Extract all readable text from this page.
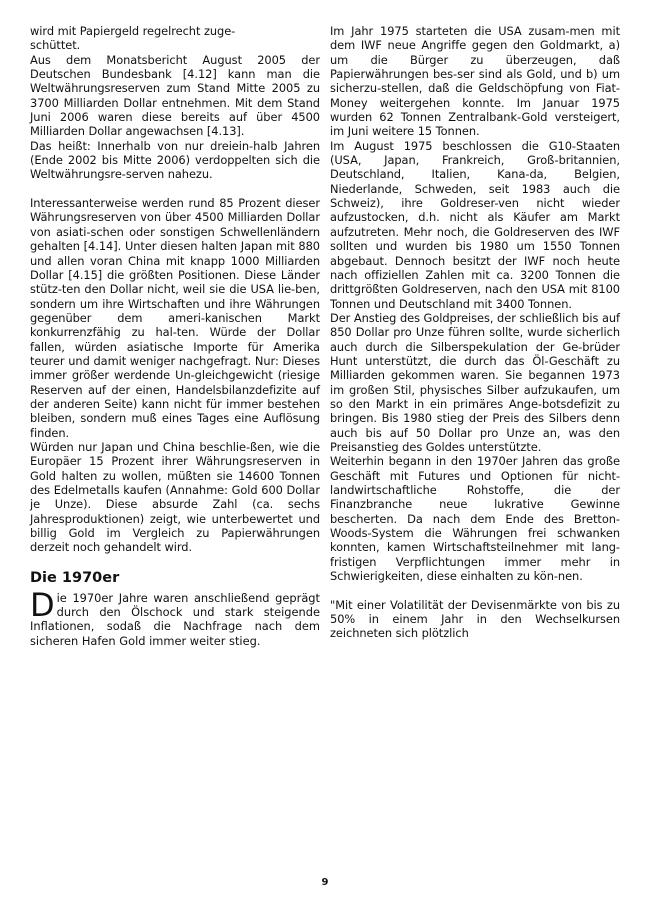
wird mit Papiergeld regelrecht zuge-
schüttet.

Aus dem Monatsbericht August 2005 der Deutschen Bundesbank [4.12] kann man die Weltwährungsreserven zum Stand Mitte 2005 zu 3700 Milliarden Dollar entnehmen. Mit dem Stand Juni 2006 waren diese bereits auf über 4500 Milliarden Dollar angewachsen [4.13].

Das heißt: Innerhalb von nur dreiein-halb Jahren (Ende 2002 bis Mitte 2006) verdoppelten sich die Weltwährungsre-serven nahezu.

Interessanterweise werden rund 85 Prozent dieser Währungsreserven von über 4500 Milliarden Dollar von asiati-schen oder sonstigen Schwellenländern gehalten [4.14]. Unter diesen halten Japan mit 880 und allen voran China mit knapp 1000 Milliarden Dollar [4.15] die größten Positionen. Diese Länder stütz-ten den Dollar nicht, weil sie die USA lie-ben, sondern um ihre Wirtschaften und ihre Währungen gegenüber dem ameri-kanischen Markt konkurrenzfähig zu hal-ten. Würde der Dollar fallen, würden asiatische Importe für Amerika teurer und damit weniger nachgefragt. Nur: Dieses immer größer werdende Un-gleichgewicht (riesige Reserven auf der einen, Handelsbilanzdefizite auf der anderen Seite) kann nicht für immer bestehen bleiben, sondern muß eines Tages eine Auflösung finden.

Würden nur Japan und China beschlie-ßen, wie die Europäer 15 Prozent ihrer Währungsreserven in Gold halten zu wollen, müßten sie 14600 Tonnen des Edelmetalls kaufen (Annahme: Gold 600 Dollar je Unze). Diese absurde Zahl (ca. sechs Jahresproduktionen) zeigt, wie unterbewertet und billig Gold im Vergleich zu Papierwährungen derzeit noch gehandelt wird.

Die 1970er

Die 1970er Jahre waren anschließend geprägt durch den Ölschock und stark steigende Inflationen, sodaß die Nachfrage nach dem sicheren Hafen Gold immer weiter stieg.

Im Jahr 1975 starteten die USA zusam-men mit dem IWF neue Angriffe gegen den Goldmarkt, a) um die Bürger zu überzeugen, daß Papierwährungen bes-ser sind als Gold, und b) um sicherzu-stellen, daß die Geldschöpfung von Fiat-Money weitergehen konnte. Im Januar 1975 wurden 62 Tonnen Zentralbank-Gold versteigert, im Juni weitere 15 Tonnen.

Im August 1975 beschlossen die G10-Staaten (USA, Japan, Frankreich, Groß-britannien, Deutschland, Italien, Kana-da, Belgien, Niederlande, Schweden, seit 1983 auch die Schweiz), ihre Goldreser-ven nicht wieder aufzustocken, d.h. nicht als Käufer am Markt aufzutreten. Mehr noch, die Goldreserven des IWF sollten und wurden bis 1980 um 1550 Tonnen abgebaut. Dennoch besitzt der IWF noch heute nach offiziellen Zahlen mit ca. 3200 Tonnen die drittgrößten Goldreserven, nach den USA mit 8100 Tonnen und Deutschland mit 3400 Tonnen.

Der Anstieg des Goldpreises, der schließlich bis auf 850 Dollar pro Unze führen sollte, wurde sicherlich auch durch die Silberspekulation der Ge-brüder Hunt unterstützt, die durch das Öl-Geschäft zu Milliarden gekommen waren. Sie begannen 1973 im großen Stil, physisches Silber aufzukaufen, um so den Markt in ein primäres Ange-botsdefizit zu bringen. Bis 1980 stieg der Preis des Silbers denn auch bis auf 50 Dollar pro Unze an, was den Preisanstieg des Goldes unterstützte.

Weiterhin begann in den 1970er Jahren das große Geschäft mit Futures und Optionen für nicht-landwirtschaftliche Rohstoffe, die der Finanzbranche neue lukrative Gewinne bescherten. Da nach dem Ende des Bretton-Woods-System die Währungen frei schwanken konnten, kamen Wirtschaftsteilnehmer mit lang-fristigen Verpflichtungen immer mehr in Schwierigkeiten, diese einhalten zu kön-nen.

"Mit einer Volatilität der Devisenmärkte von bis zu 50% in einem Jahr in den Wechselkursen zeichneten sich plötzlich

9
